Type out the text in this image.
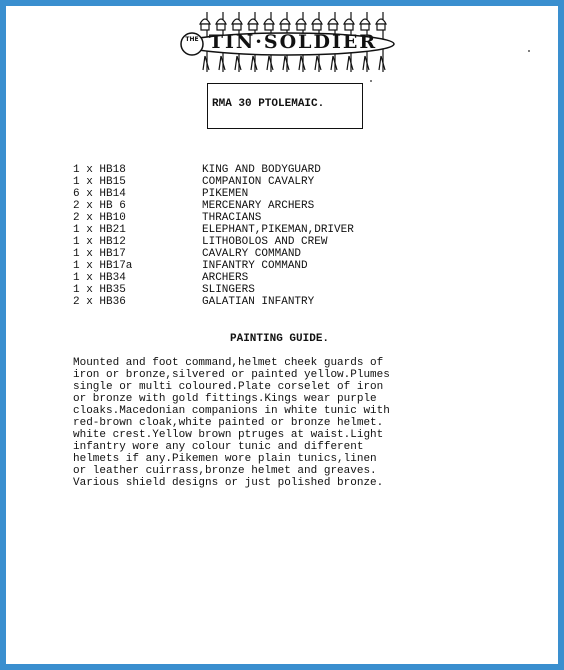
THE TIN·SOLDIER
RMA 30 PTOLEMAIC.
1 x HB18	KING AND BODYGUARD
1 x HB15	COMPANION CAVALRY
6 x HB14	PIKEMEN
2 x HB 6	MERCENARY ARCHERS
2 x HB10	THRACIANS
1 x HB21	ELEPHANT,PIKEMAN,DRIVER
1 x HB12	LITHOBOLOS AND CREW
1 x HB17	CAVALRY COMMAND
1 x HB17a	INFANTRY COMMAND
1 x HB34	ARCHERS
1 x HB35	SLINGERS
2 x HB36	GALATIAN INFANTRY
PAINTING GUIDE.
Mounted and foot command,helmet cheek guards of
iron or bronze,silvered or painted yellow.Plumes
single or multi coloured.Plate corselet of iron
or bronze with gold fittings.Kings wear purple
cloaks.Macedonian companions in white tunic with
red-brown cloak,white painted or bronze helmet.
white crest.Yellow brown ptruges at waist.Light
infantry wore any colour tunic and different
helmets if any.Pikemen wore plain tunics,linen
or leather cuirrass,bronze helmet and greaves.
Various shield designs or just polished bronze.
